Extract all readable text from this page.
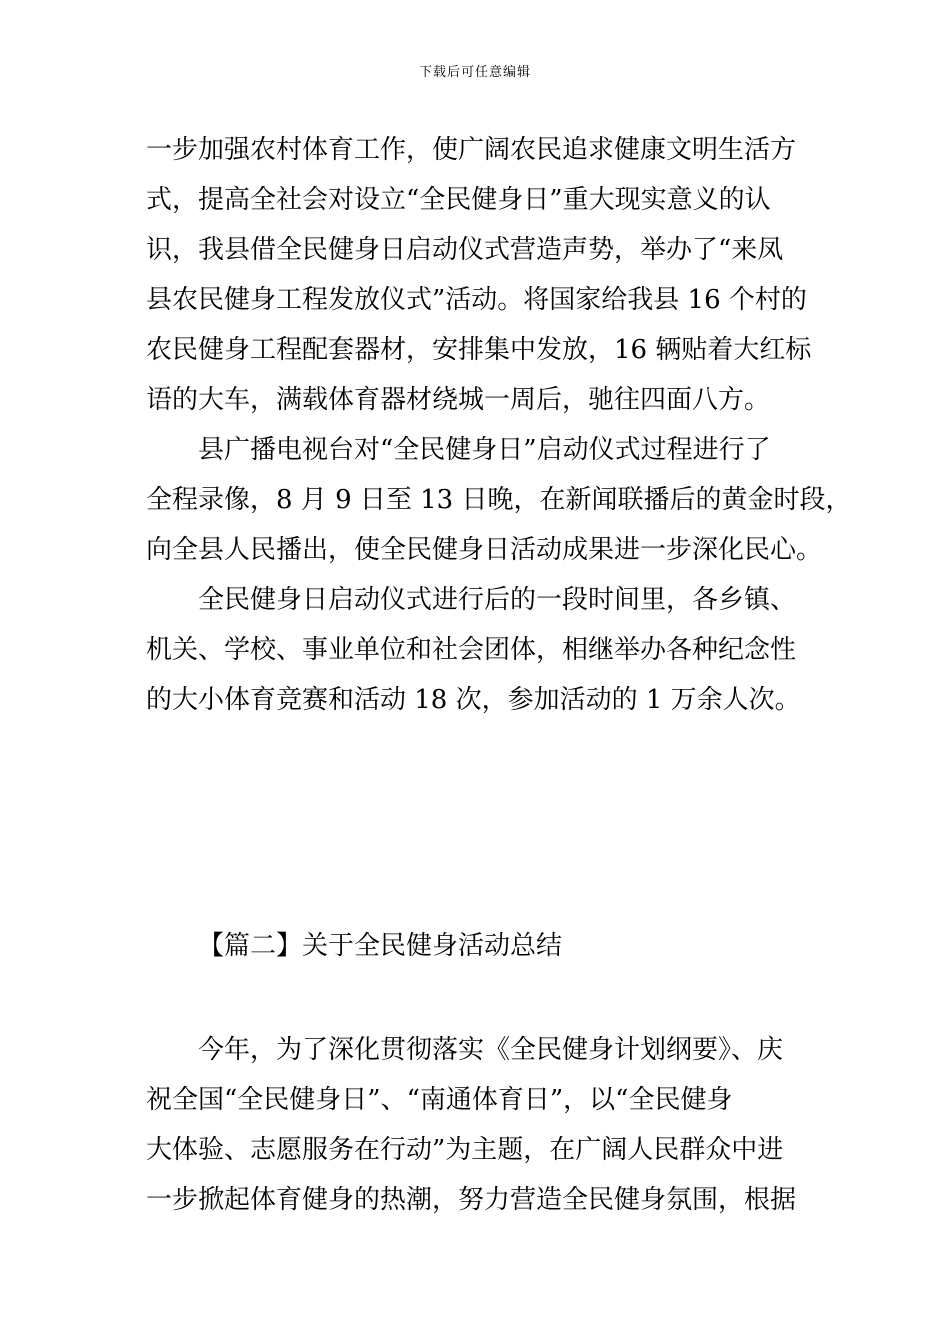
下载后可任意编辑
一步加强农村体育工作，使广阔农民追求健康文明生活方
式，提高全社会对设立“全民健身日”重大现实意义的认
识，我县借全民健身日启动仪式营造声势，举办了“来凤
县农民健身工程发放仪式”活动。将国家给我县 16 个村的
农民健身工程配套器材，安排集中发放，16 辆贴着大红标
语的大车，满载体育器材绕城一周后，驰往四面八方。
县广播电视台对“全民健身日”启动仪式过程进行了
全程录像，8 月 9 日至 13 日晚，在新闻联播后的黄金时段，
向全县人民播出，使全民健身日活动成果进一步深化民心。
全民健身日启动仪式进行后的一段时间里，各乡镇、
机关、学校、事业单位和社会团体，相继举办各种纪念性
的大小体育竞赛和活动 18 次，参加活动的 1 万余人次。
【篇二】关于全民健身活动总结
今年，为了深化贯彻落实《全民健身计划纲要》、庆
祝全国“全民健身日”、“南通体育日”，以“全民健身
大体验、志愿服务在行动”为主题，在广阔人民群众中进
一步掀起体育健身的热潮，努力营造全民健身氛围，根据
